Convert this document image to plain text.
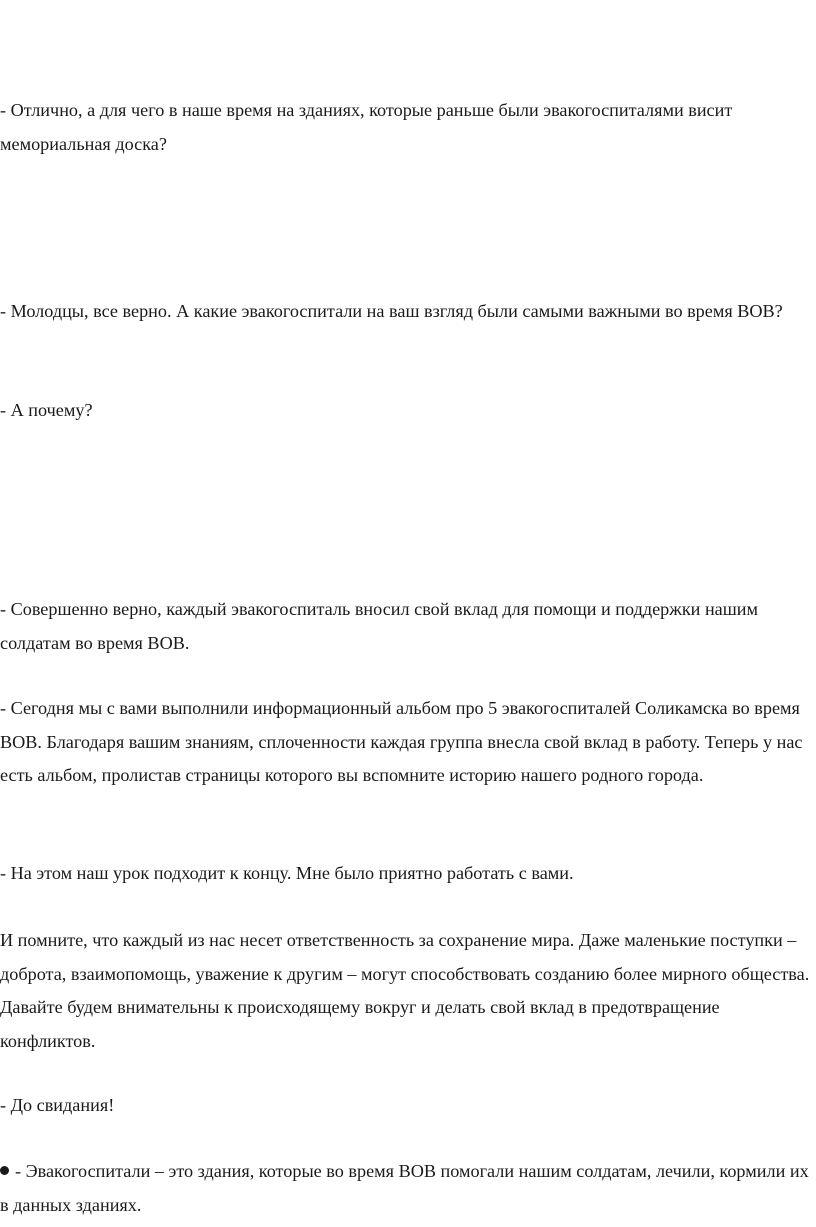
- Отлично, а для чего в наше время на зданиях, которые раньше были эвакогоспиталями висит мемориальная доска?

- Молодцы, все верно. А какие эвакогоспитали на ваш взгляд были самыми важными во время ВОВ?

- А почему?

- Совершенно верно, каждый эвакогоспиталь вносил свой вклад для помощи и поддержки нашим солдатам во время ВОВ.

- Сегодня мы с вами выполнили информационный альбом про 5 эвакогоспиталей Соликамска во время ВОВ. Благодаря вашим знаниям, сплоченности каждая группа внесла свой вклад в работу. Теперь у нас есть альбом, пролистав страницы которого вы вспомните историю нашего родного города.

- На этом наш урок подходит к концу. Мне было приятно работать с вами.

И помните, что каждый из нас несет ответственность за сохранение мира. Даже маленькие поступки – доброта, взаимопомощь, уважение к другим – могут способствовать созданию более мирного общества. Давайте будем внимательны к происходящему вокруг и делать свой вклад в предотвращение конфликтов.

- До свидания!

- Эвакогоспитали – это здания, которые во время ВОВ помогали нашим солдатам, лечили, кормили их в данных зданиях.
